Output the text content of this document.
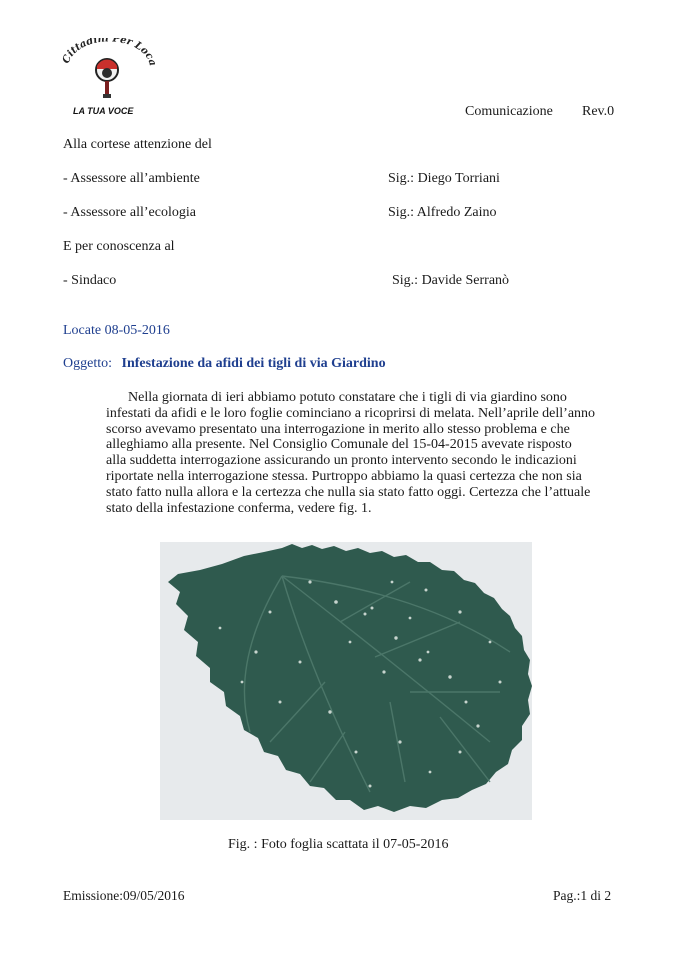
Cittadini Per Loca
LA TUA VOCE	Comunicazione Rev.0
Alla cortese attenzione del
- Assessore all’ambiente	Sig.: Diego Torriani
- Assessore all’ecologia	Sig.: Alfredo Zaino
E per conoscenza al
- Sindaco	Sig.: Davide Serranò
Locate 08-05-2016
Oggetto: Infestazione da afidi dei tigli di via Giardino

Nella giornata di ieri abbiamo potuto constatare che i tigli di via giardino sono

infestati da afidi e le loro foglie cominciano a ricoprirsi di melata. Nell’aprile dell’anno

scorso avevamo presentato una interrogazione in merito allo stesso problema e che

alleghiamo alla presente. Nel Consiglio Comunale del 15-04-2015 avevate risposto

alla suddetta interrogazione assicurando un pronto intervento secondo le indicazioni

riportate nella interrogazione stessa. Purtroppo abbiamo la quasi certezza che non sia

stato fatto nulla allora e la certezza che nulla sia stato fatto oggi. Certezza che l’attuale

stato della infestazione conferma, vedere fig. 1.

Fig. : Foto foglia scattata il 07-05-2016
Emissione:09/05/2016	Pag.:1 di 2
